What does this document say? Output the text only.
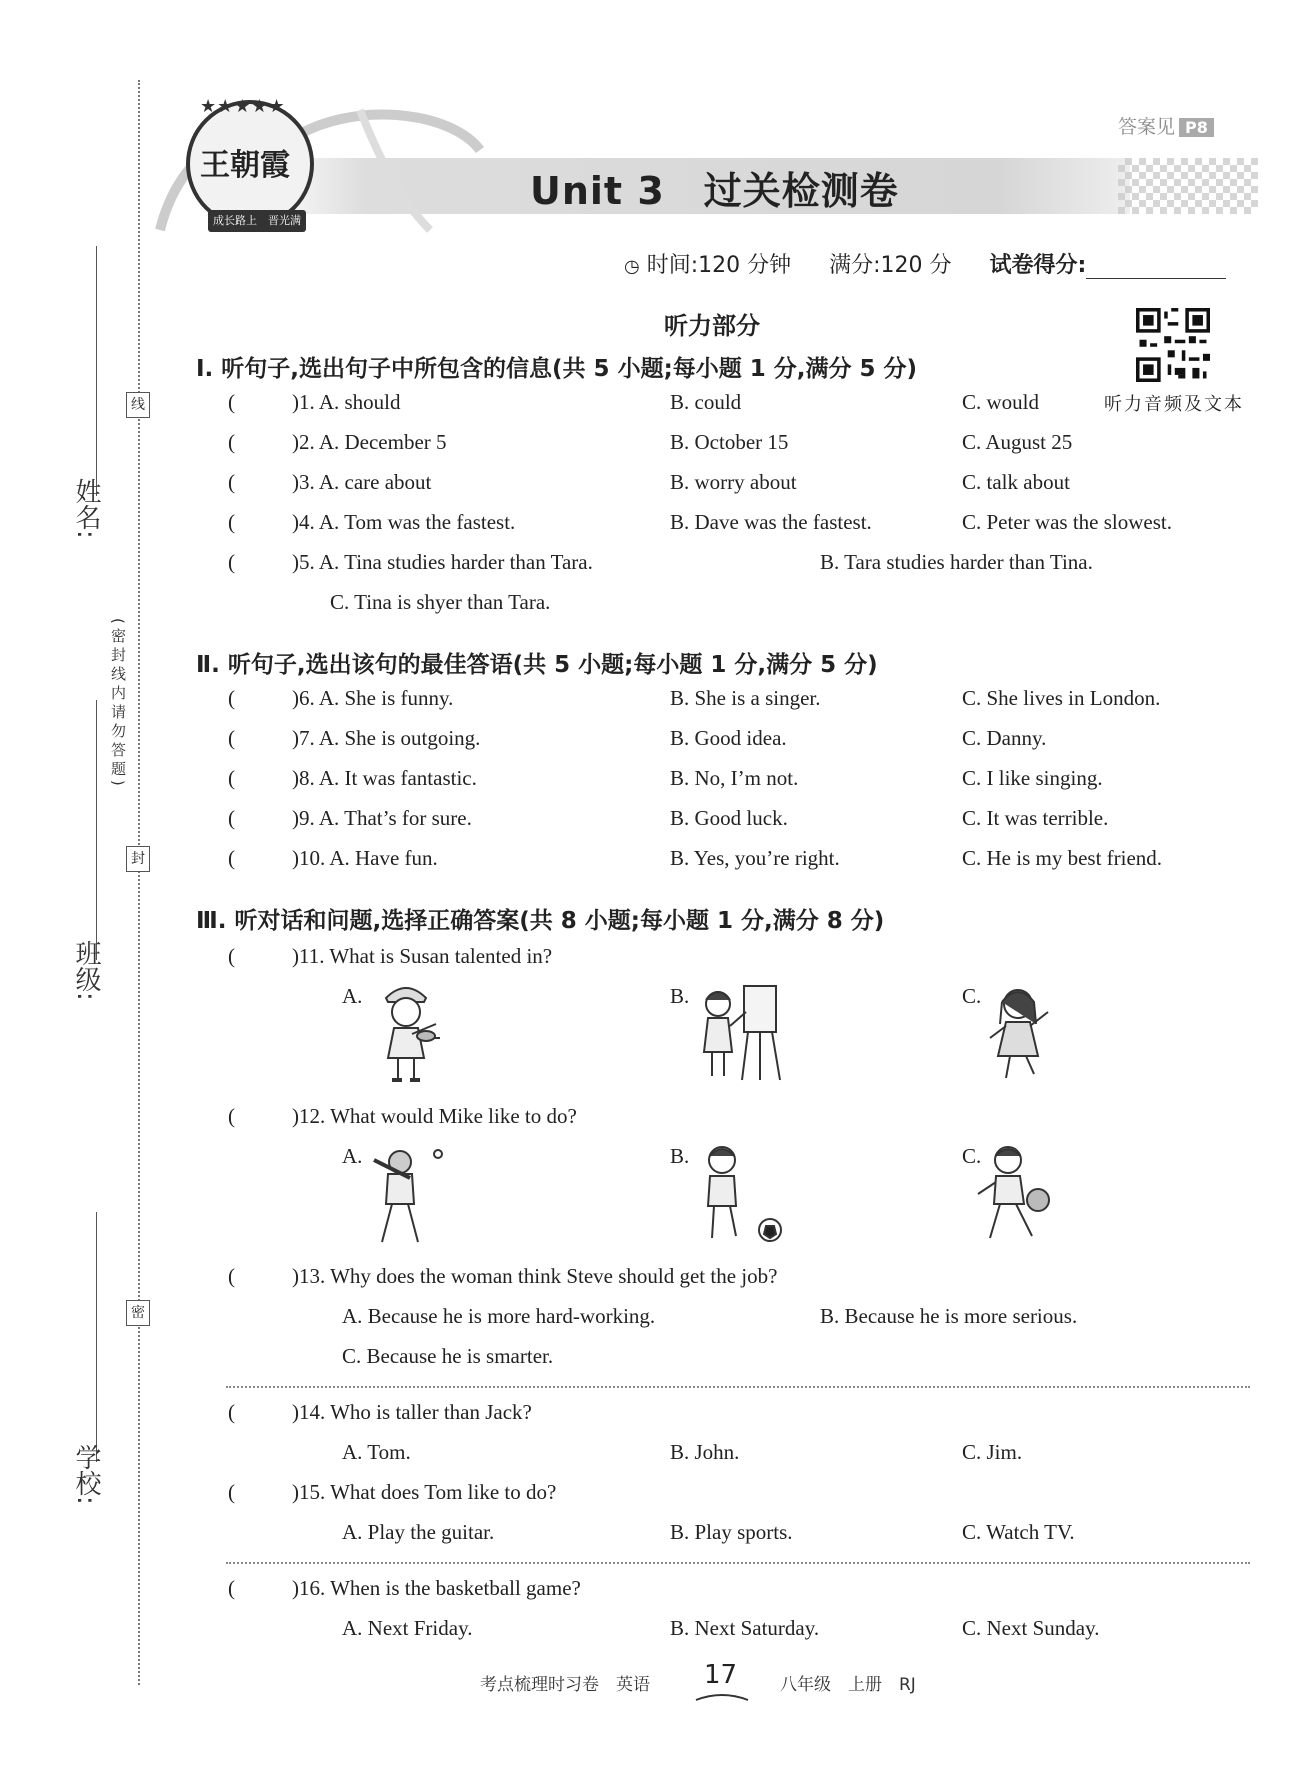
姓名:
班级:
学校:
线
封
密
(密封线内请勿答题)
★★★★★
王朝霞
成长路上　晋光满天
答案见 P8
Unit 3　过关检测卷
◷ 时间:120 分钟 满分:120 分 试卷得分:
听力部分
听力音频及文本
Ⅰ. 听句子,选出句子中所包含的信息(共 5 小题;每小题 1 分,满分 5 分)
(	)1. A. should	B. could	C. would
(	)2. A. December 5	B. October 15	C. August 25
(	)3. A. care about	B. worry about	C. talk about
(	)4. A. Tom was the fastest.	B. Dave was the fastest.	C. Peter was the slowest.
(	)5. A. Tina studies harder than Tara.	B. Tara studies harder than Tina.
C. Tina is shyer than Tara.
Ⅱ. 听句子,选出该句的最佳答语(共 5 小题;每小题 1 分,满分 5 分)
(	)6. A. She is funny.	B. She is a singer.	C. She lives in London.
(	)7. A. She is outgoing.	B. Good idea.	C. Danny.
(	)8. A. It was fantastic.	B. No, I’m not.	C. I like singing.
(	)9. A. That’s for sure.	B. Good luck.	C. It was terrible.
(	)10. A. Have fun.	B. Yes, you’re right.	C. He is my best friend.
Ⅲ. 听对话和问题,选择正确答案(共 8 小题;每小题 1 分,满分 8 分)
(	)11. What is Susan talented in?
A.	B.	C.
(	)12. What would Mike like to do?
A.	B.	C.
(	)13. Why does the woman think Steve should get the job?
A. Because he is more hard-working.	B. Because he is more serious.
C. Because he is smarter.
(	)14. Who is taller than Jack?
A. Tom.	B. John.	C. Jim.
(	)15. What does Tom like to do?
A. Play the guitar.	B. Play sports.	C. Watch TV.
(	)16. When is the basketball game?
A. Next Friday.	B. Next Saturday.	C. Next Sunday.
考点梳理时习卷　英语 17	八年级　上册　RJ
